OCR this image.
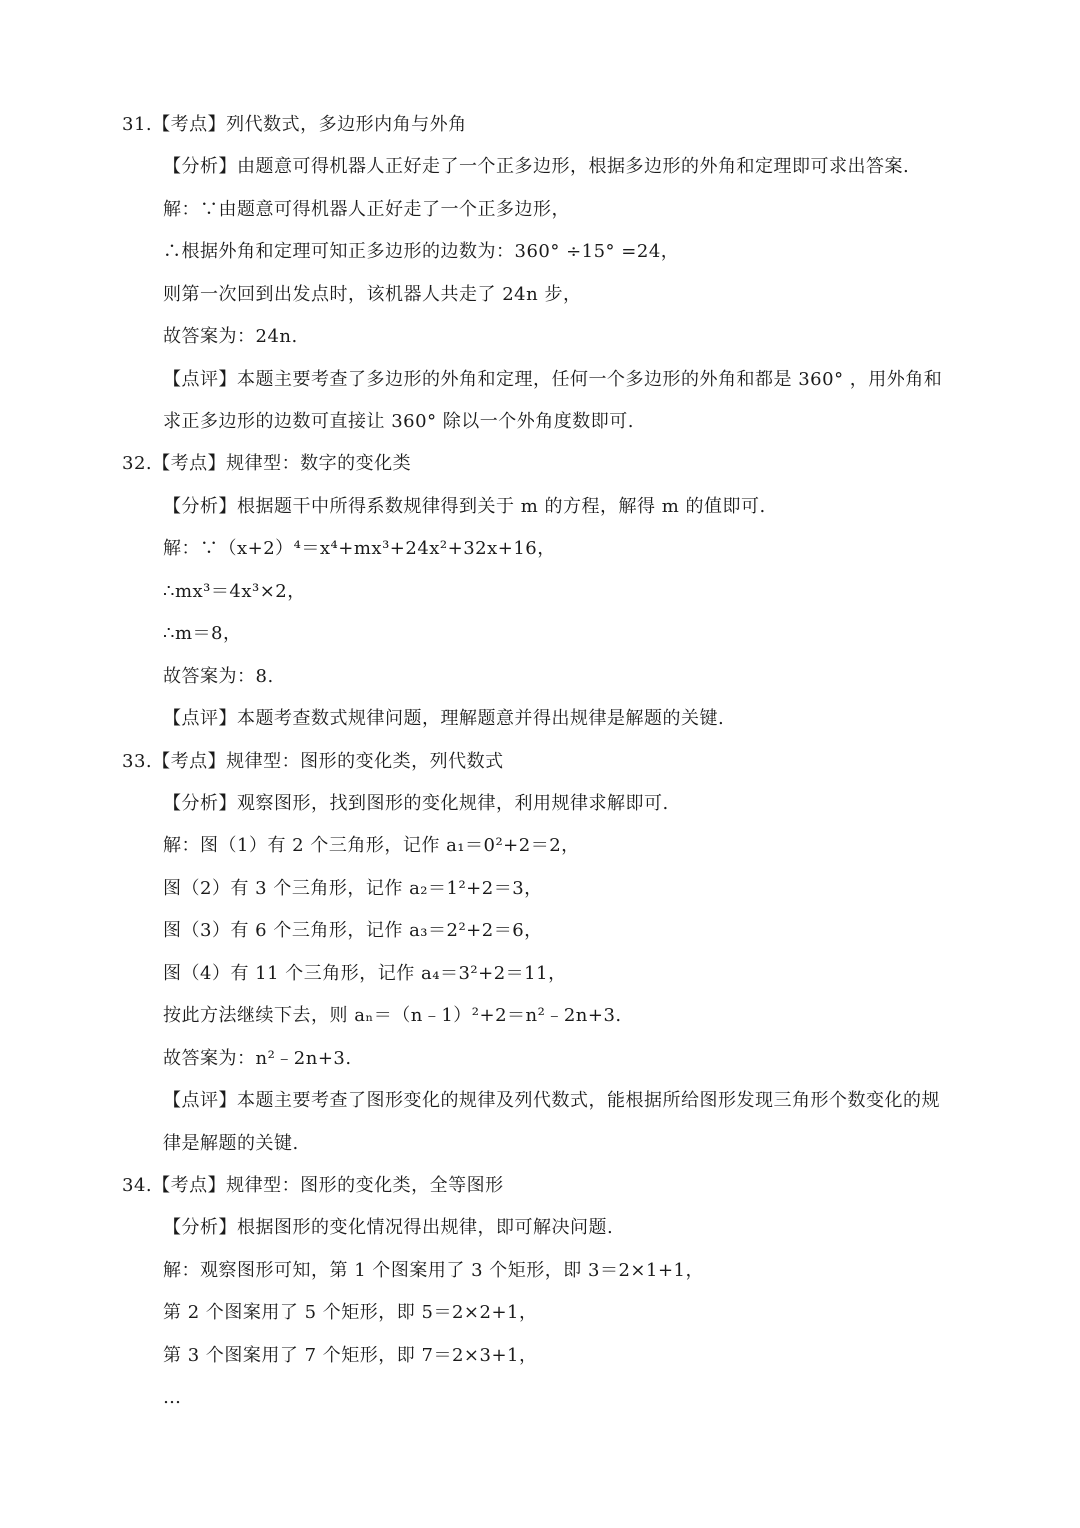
31.【考点】列代数式，多边形内角与外角
【分析】由题意可得机器人正好走了一个正多边形，根据多边形的外角和定理即可求出答案.
解：∵由题意可得机器人正好走了一个正多边形，
∴根据外角和定理可知正多边形的边数为：360° ÷15° =24，
则第一次回到出发点时，该机器人共走了 24n 步，
故答案为：24n.
【点评】本题主要考查了多边形的外角和定理，任何一个多边形的外角和都是 360° ，用外角和
求正多边形的边数可直接让 360° 除以一个外角度数即可.
32.【考点】规律型：数字的变化类
【分析】根据题干中所得系数规律得到关于 m 的方程，解得 m 的值即可.
解：∵（x+2）⁴＝x⁴+mx³+24x²+32x+16，
∴mx³＝4x³×2，
∴m＝8，
故答案为：8.
【点评】本题考查数式规律问题，理解题意并得出规律是解题的关键.
33.【考点】规律型：图形的变化类，列代数式
【分析】观察图形，找到图形的变化规律，利用规律求解即可.
解：图（1）有 2 个三角形，记作 a₁＝0²+2＝2，
图（2）有 3 个三角形，记作 a₂＝1²+2＝3，
图（3）有 6 个三角形，记作 a₃＝2²+2＝6，
图（4）有 11 个三角形，记作 a₄＝3²+2＝11，
按此方法继续下去，则 aₙ＝（n﹣1）²+2＝n²﹣2n+3.
故答案为：n²﹣2n+3.
【点评】本题主要考查了图形变化的规律及列代数式，能根据所给图形发现三角形个数变化的规
律是解题的关键.
34.【考点】规律型：图形的变化类，全等图形
【分析】根据图形的变化情况得出规律，即可解决问题.
解：观察图形可知，第 1 个图案用了 3 个矩形，即 3＝2×1+1，
第 2 个图案用了 5 个矩形，即 5＝2×2+1，
第 3 个图案用了 7 个矩形，即 7＝2×3+1，
…
